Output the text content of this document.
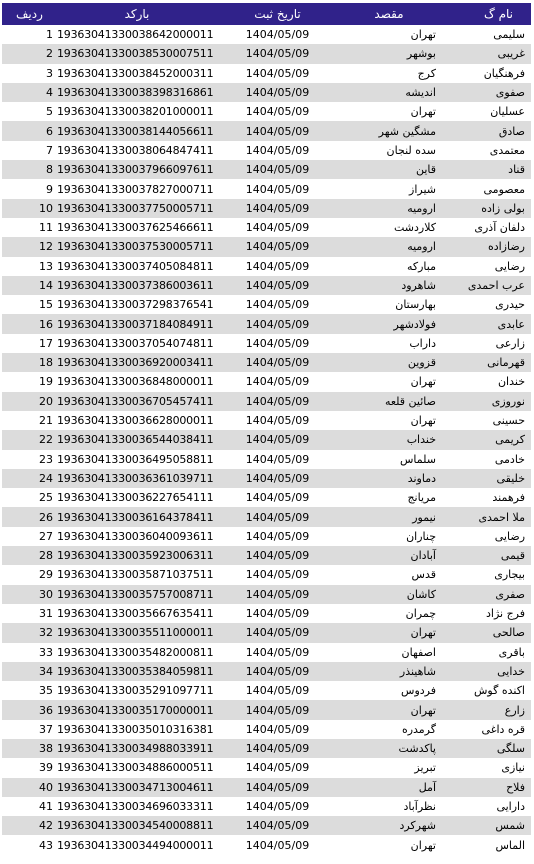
ردیف	بارکد	تاریخ ثبت	مقصد	نام گ
1	19363041330038642000011	1404/05/09	تهران	سلیمی
2	19363041330038530007511	1404/05/09	بوشهر	غریبی
3	19363041330038452000311	1404/05/09	کرج	فرهنگیان
4	19363041330038398316861	1404/05/09	اندیشه	صفوی
5	19363041330038201000011	1404/05/09	تهران	عسلیان
6	19363041330038144056611	1404/05/09	مشگین شهر	صادق
7	19363041330038064847411	1404/05/09	سده لنجان	معتمدی
8	19363041330037966097611	1404/05/09	قاین	قناد
9	19363041330037827000711	1404/05/09	شیراز	معصومی
10	19363041330037750005711	1404/05/09	ارومیه	بولی زاده
11	19363041330037625466611	1404/05/09	کلاردشت	دلفان آذری
12	19363041330037530005711	1404/05/09	ارومیه	رضازاده
13	19363041330037405084811	1404/05/09	مبارکه	رضایی
14	19363041330037386003611	1404/05/09	شاهرود	عرب احمدی
15	19363041330037298376541	1404/05/09	بهارستان	حیدری
16	19363041330037184084911	1404/05/09	فولادشهر	عابدی
17	19363041330037054074811	1404/05/09	داراب	زارعی
18	19363041330036920003411	1404/05/09	قزوین	قهرمانی
19	19363041330036848000011	1404/05/09	تهران	خندان
20	19363041330036705457411	1404/05/09	صائین قلعه	نوروزی
21	19363041330036628000011	1404/05/09	تهران	حسینی
22	19363041330036544038411	1404/05/09	خنداب	کریمی
23	19363041330036495058811	1404/05/09	سلماس	خادمی
24	19363041330036361039711	1404/05/09	دماوند	خلیقی
25	19363041330036227654111	1404/05/09	مریانج	فرهمند
26	19363041330036164378411	1404/05/09	نیمور	ملا احمدی
27	19363041330036040093611	1404/05/09	چناران	رضایی
28	19363041330035923006311	1404/05/09	آبادان	قیمی
29	19363041330035871037511	1404/05/09	قدس	بیجاری
30	19363041330035757008711	1404/05/09	کاشان	صفری
31	19363041330035667635411	1404/05/09	چمران	فرج نژاد
32	19363041330035511000011	1404/05/09	تهران	صالحی
33	19363041330035482000811	1404/05/09	اصفهان	باقری
34	19363041330035384059811	1404/05/09	شاهینذر	خدایی
35	19363041330035291097711	1404/05/09	فردوس	اکنده گوش
36	19363041330035170000011	1404/05/09	تهران	زارع
37	19363041330035010316381	1404/05/09	گرمدره	قره داغی
38	19363041330034988033911	1404/05/09	پاکدشت	سلگی
39	19363041330034886000511	1404/05/09	تبریز	نیازی
40	19363041330034713004611	1404/05/09	آمل	فلاح
41	19363041330034696033311	1404/05/09	نظرآباد	دارایی
42	19363041330034540008811	1404/05/09	شهرکرد	شمس
43	19363041330034494000011	1404/05/09	تهران	الماس
